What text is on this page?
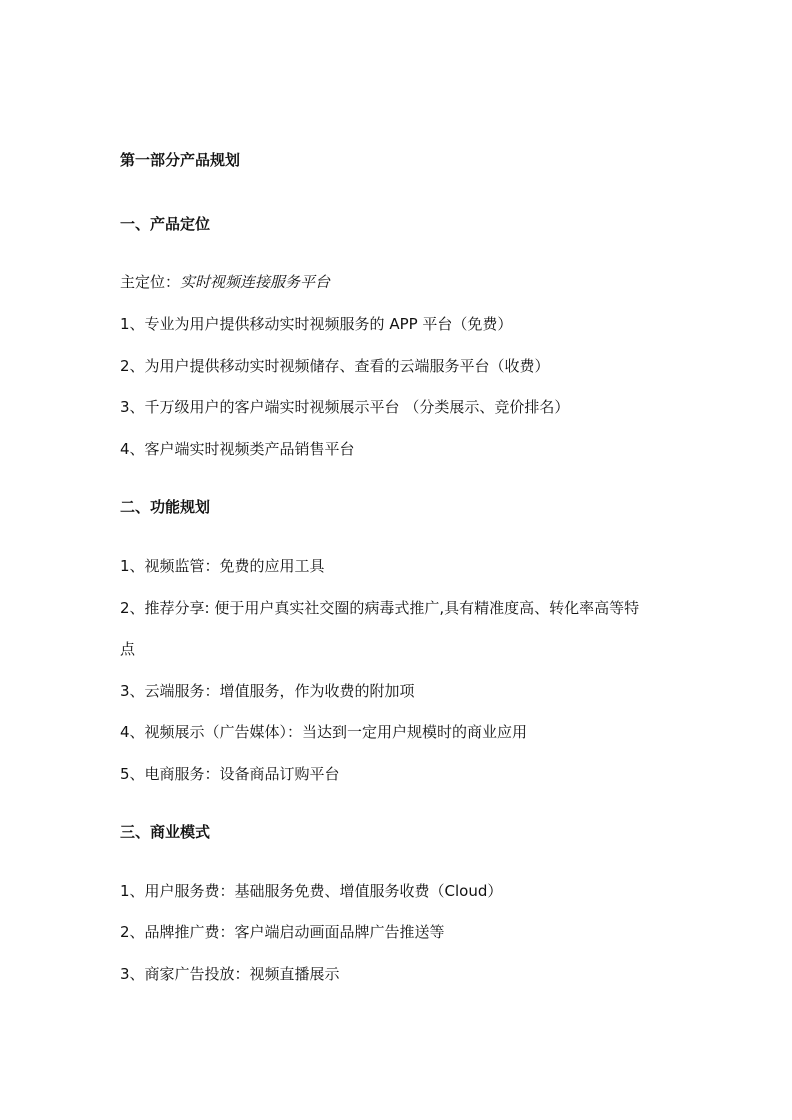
第一部分产品规划
一、产品定位
主定位：实时视频连接服务平台
1、专业为用户提供移动实时视频服务的 APP 平台（免费）
2、为用户提供移动实时视频储存、查看的云端服务平台（收费）
3、千万级用户的客户端实时视频展示平台 （分类展示、竞价排名）
4、客户端实时视频类产品销售平台
二、功能规划
1、视频监管：免费的应用工具
2、推荐分享: 便于用户真实社交圈的病毒式推广,具有精准度高、转化率高等特
点
3、云端服务：增值服务，作为收费的附加项
4、视频展示（广告媒体）：当达到一定用户规模时的商业应用
5、电商服务：设备商品订购平台
三、商业模式
1、用户服务费：基础服务免费、增值服务收费（Cloud）
2、品牌推广费：客户端启动画面品牌广告推送等
3、商家广告投放：视频直播展示
